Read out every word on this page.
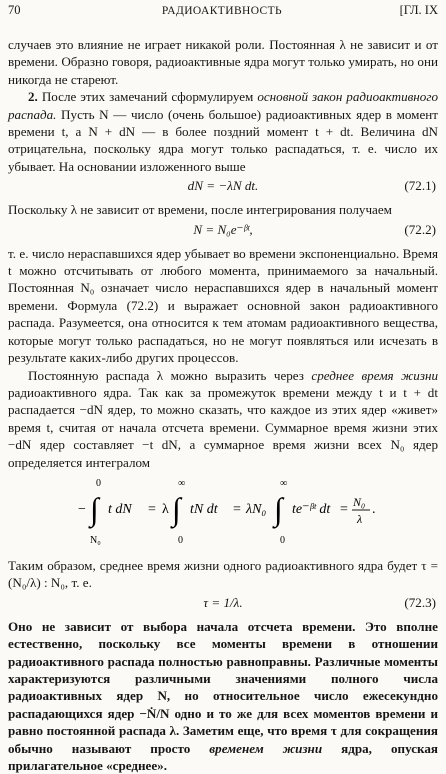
70	РАДИОАКТИВНОСТЬ	[ГЛ. IX

случаев это влияние не играет никакой роли. Постоянная λ не зависит и от времени. Образно говоря, радиоактивные ядра могут только умирать, но они никогда не стареют.

2. После этих замечаний сформулируем основной закон радиоактивного распада. Пусть N — число (очень большое) радиоактивных ядер в момент времени t, а N + dN — в более поздний момент t + dt. Величина dN отрицательна, поскольку ядра могут только распадаться, т. е. число их убывает. На основании изложенного выше

dN = −λN dt.	(72.1)

Поскольку λ не зависит от времени, после интегрирования получаем

N = N₀e⁻ᵝᵗ,	(72.2)

т. е. число нераспавшихся ядер убывает во времени экспоненциально. Время t можно отсчитывать от любого момента, принимаемого за начальный. Постоянная N₀ означает число нераспавшихся ядер в начальный момент времени. Формула (72.2) и выражает основной закон радиоактивного распада. Разумеется, она относится к тем атомам радиоактивного вещества, которые могут только распадаться, но не могут появляться или исчезать в результате каких-либо других процессов.

Постоянную распада λ можно выразить через среднее время жизни радиоактивного ядра. Так как за промежуток времени между t и t + dt распадается −dN ядер, то можно сказать, что каждое из этих ядер «живет» время t, считая от начала отсчета времени. Суммарное время жизни этих −dN ядер составляет −t dN, а суммарное время жизни всех N₀ ядер определяется интегралом

− ∫
0
N₀
t dN = λ ∫
∞
0
tN dt = λN₀ ∫
∞
0
te⁻ᵝᵗ dt = N₀
λ
.

Таким образом, среднее время жизни одного радиоактивного ядра будет τ = (N₀/λ) : N₀, т. е.

τ = 1/λ.	(72.3)

Оно не зависит от выбора начала отсчета времени. Это вполне естественно, поскольку все моменты времени в отношении радиоактивного распада полностью равноправны. Различные моменты характеризуются различными значениями полного числа радиоактивных ядер N, но относительное число ежесекундно распадающихся ядер −Ṅ/N одно и то же для всех моментов времени и равно постоянной распада λ. Заметим еще, что время τ для сокращения обычно называют просто временем жизни ядра, опуская прилагательное «среднее».
